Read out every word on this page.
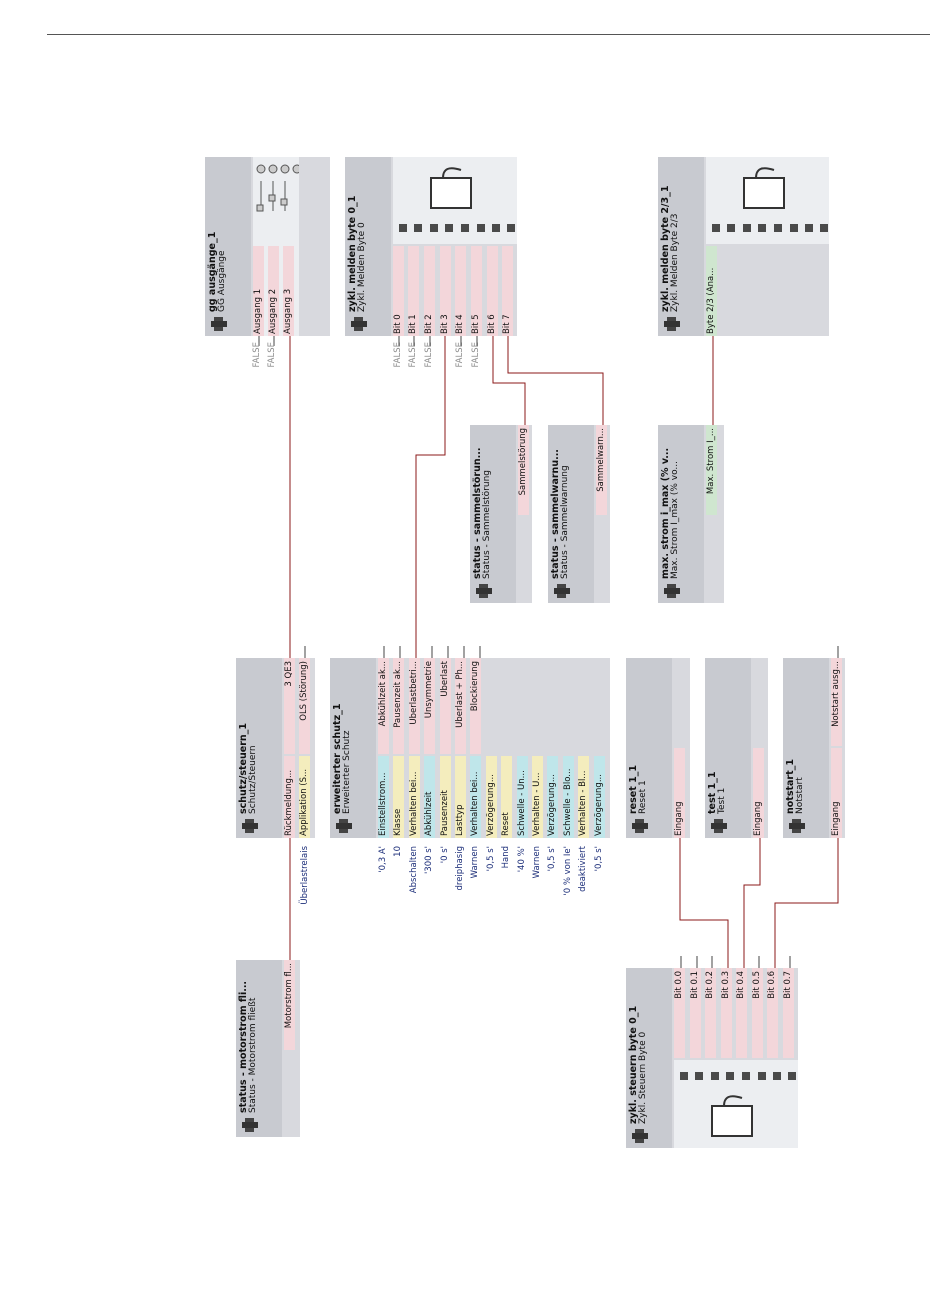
gg ausgänge_1 GG Ausgänge	Ausgang 1 Ausgang 2 Ausgang 3
FALSE FALSE
zykl. melden byte 0_1 Zykl. Melden Byte 0
Bit 0 Bit 1 Bit 2 Bit 3 Bit 4 Bit 5 Bit 6 Bit 7
FALSE FALSE FALSE FALSE FALSE
zykl. melden byte 2/3_1 Zykl. Melden Byte 2/3	Byte 2/3 (Ana...
status - sammelstörun... Status - Sammelstörung
Sammelstörung status - sammelwarnu... Status - Sammelwarnung
Sammelwarn...	max. strom i_max (% v... Max. Strom I_max (% vo...	Max. Strom I_...
schutz/steuern_1 Schutz/Steuern	Rückmeldung... Applikation (S...
3 QE3 OLS (Störung)
Überlastrelais
erweiterter schutz_1 Erweiterter Schutz	Einstellstrom... Klasse Verhalten bei... Abkühlzeit Pausenzeit Lasttyp Verhalten bei... Verzögerung... Reset Schwelle - Un... Verhalten - U... Verzögerung... Schwelle - Blo... Verhalten - Bl... Verzögerung...
Abkühlzeit ak... Pausenzeit ak... Überlastbetri... Unsymmetrie Überlast Überlast + Ph... Blockierung
'0,3 A' 10 Abschalten '300 s' '0 s' dreiphasig Warnen '0,5 s' Hand '40 %' Warnen '0,5 s' '0 % von Ie' deaktiviert '0,5 s'
reset 1_1 Reset 1
Eingang
test 1_1 Test 1
Eingang
notstart_1 Notstart
Eingang
Notstart ausg...
status - motorstrom fli... Status - Motorstrom fließt
Motorstrom fl...
zykl. steuern byte 0_1 Zykl. Steuern Byte 0
Bit 0.0 Bit 0.1 Bit 0.2 Bit 0.3 Bit 0.4 Bit 0.5 Bit 0.6 Bit 0.7
